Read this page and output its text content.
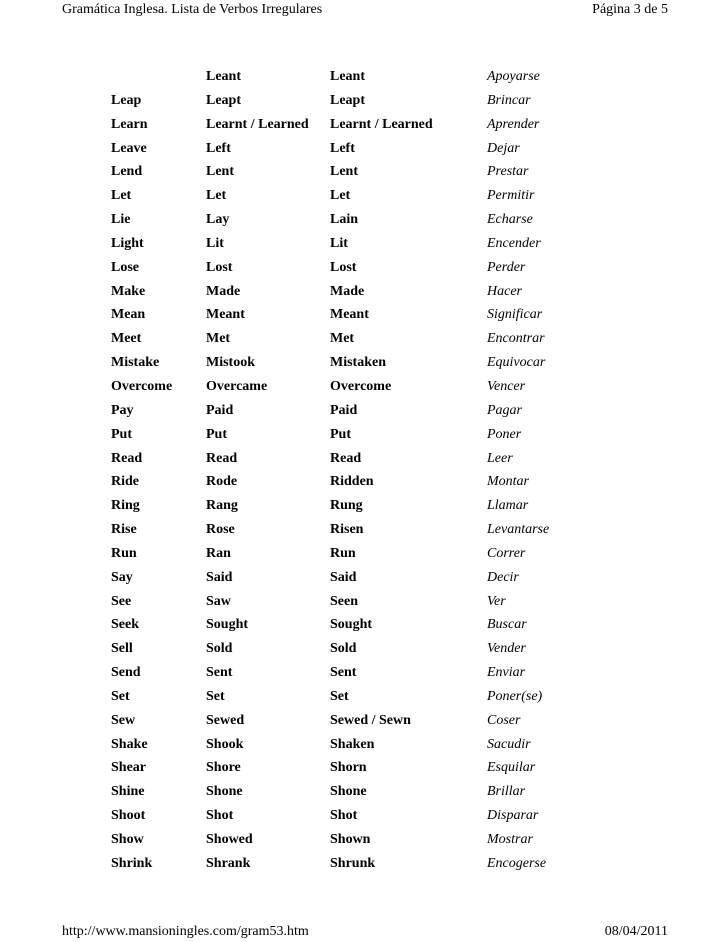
Gramática Inglesa. Lista de Verbos Irregulares	Página 3 de 5
	Leant	Leant	Apoyarse
Leap	Leapt	Leapt	Brincar
Learn	Learnt / Learned	Learnt / Learned	Aprender
Leave	Left	Left	Dejar
Lend	Lent	Lent	Prestar
Let	Let	Let	Permitir
Lie	Lay	Lain	Echarse
Light	Lit	Lit	Encender
Lose	Lost	Lost	Perder
Make	Made	Made	Hacer
Mean	Meant	Meant	Significar
Meet	Met	Met	Encontrar
Mistake	Mistook	Mistaken	Equivocar
Overcome	Overcame	Overcome	Vencer
Pay	Paid	Paid	Pagar
Put	Put	Put	Poner
Read	Read	Read	Leer
Ride	Rode	Ridden	Montar
Ring	Rang	Rung	Llamar
Rise	Rose	Risen	Levantarse
Run	Ran	Run	Correr
Say	Said	Said	Decir
See	Saw	Seen	Ver
Seek	Sought	Sought	Buscar
Sell	Sold	Sold	Vender
Send	Sent	Sent	Enviar
Set	Set	Set	Poner(se)
Sew	Sewed	Sewed / Sewn	Coser
Shake	Shook	Shaken	Sacudir
Shear	Shore	Shorn	Esquilar
Shine	Shone	Shone	Brillar
Shoot	Shot	Shot	Disparar
Show	Showed	Shown	Mostrar
Shrink	Shrank	Shrunk	Encogerse
http://www.mansioningles.com/gram53.htm	08/04/2011
